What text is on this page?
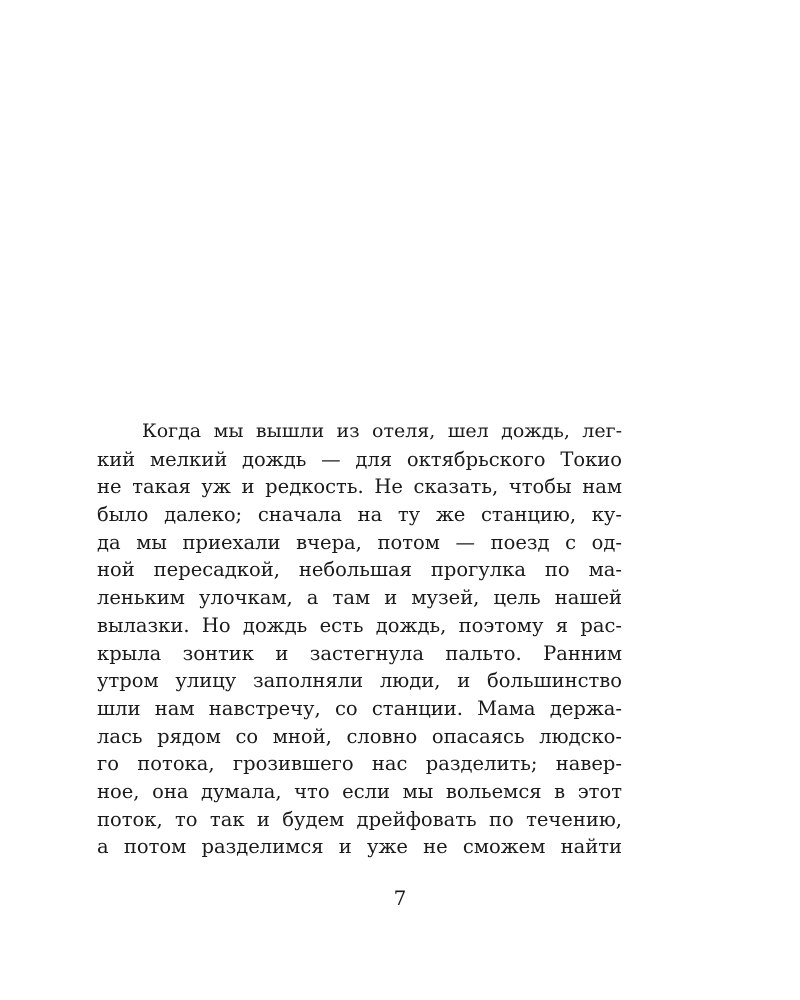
Когда мы вышли из отеля, шел дождь, лег-
кий мелкий дождь — для октябрьского Токио
не такая уж и редкость. Не сказать, чтобы нам
было далеко; сначала на ту же станцию, ку-
да мы приехали вчера, потом — поезд с од-
ной пересадкой, небольшая прогулка по ма-
леньким улочкам, а там и музей, цель нашей
вылазки. Но дождь есть дождь, поэтому я рас-
крыла зонтик и застегнула пальто. Ранним
утром улицу заполняли люди, и большинство
шли нам навстречу, со станции. Мама держа-
лась рядом со мной, словно опасаясь людско-
го потока, грозившего нас разделить; навер-
ное, она думала, что если мы вольемся в этот
поток, то так и будем дрейфовать по течению,
а потом разделимся и уже не сможем найти
7
